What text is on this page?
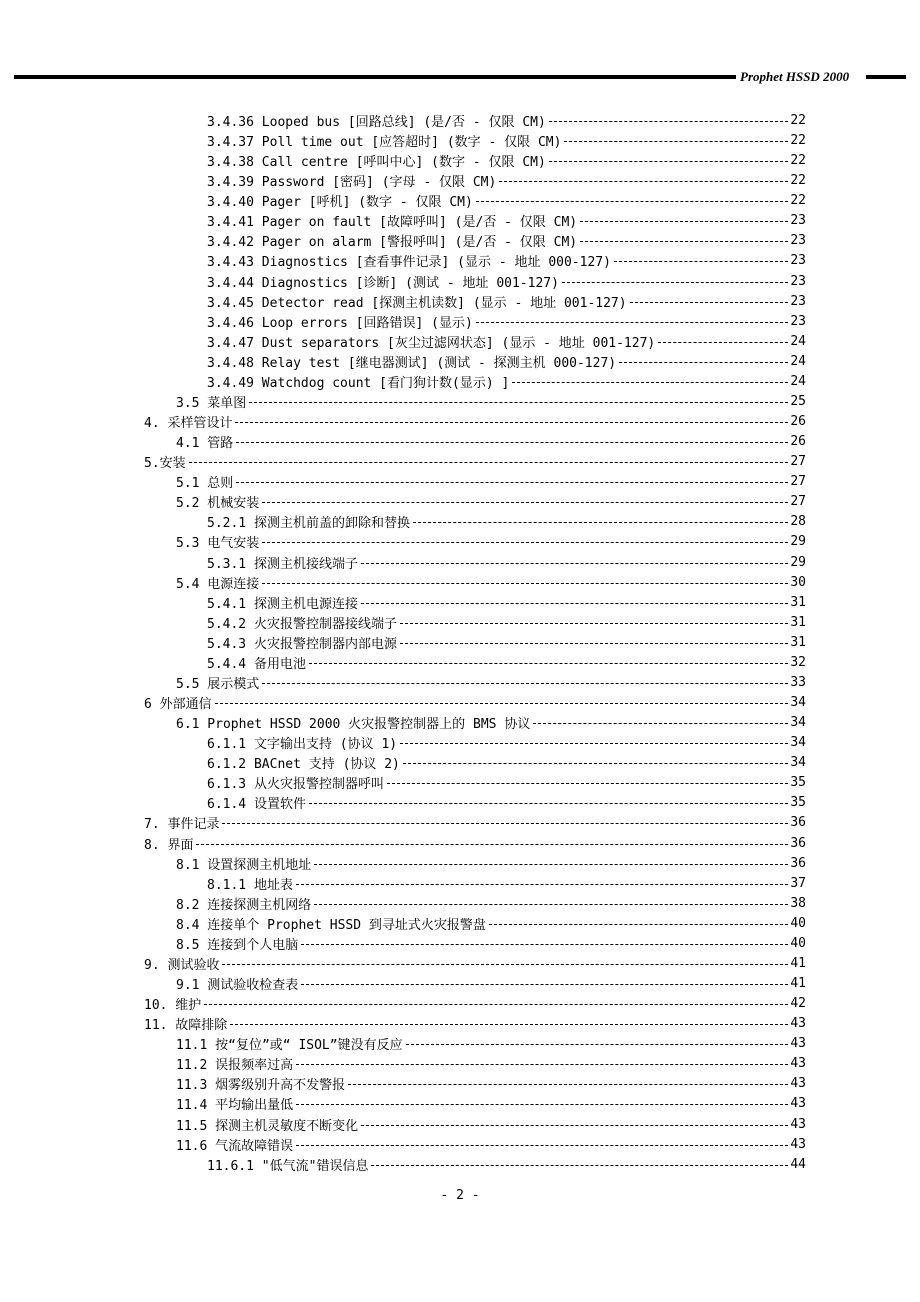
Prophet HSSD 2000
3.4.36 Looped bus [回路总线] (是/否 - 仅限 CM)	22
3.4.37 Poll time out [应答超时] (数字 - 仅限 CM)	22
3.4.38 Call centre [呼叫中心] (数字 - 仅限 CM)	22
3.4.39 Password [密码] (字母 - 仅限 CM)	22
3.4.40 Pager [呼机] (数字 - 仅限 CM)	22
3.4.41 Pager on fault [故障呼叫] (是/否 - 仅限 CM)	23
3.4.42 Pager on alarm [警报呼叫] (是/否 - 仅限 CM)	23
3.4.43 Diagnostics [查看事件记录] (显示 - 地址 000-127)	23
3.4.44 Diagnostics [诊断] (测试 - 地址 001-127)	23
3.4.45 Detector read [探测主机读数] (显示 - 地址 001-127)	23
3.4.46 Loop errors [回路错误] (显示)	23
3.4.47 Dust separators [灰尘过滤网状态] (显示 - 地址 001-127)	24
3.4.48 Relay test [继电器测试] (测试 - 探测主机 000-127)	24
3.4.49 Watchdog count [看门狗计数(显示) ]	24
3.5 菜单图	25
4. 采样管设计	26
4.1 管路	26
5.安装	27
5.1 总则	27
5.2 机械安装	27
5.2.1 探测主机前盖的卸除和替换	28
5.3 电气安装	29
5.3.1 探测主机接线端子	29
5.4 电源连接	30
5.4.1 探测主机电源连接	31
5.4.2 火灾报警控制器接线端子	31
5.4.3 火灾报警控制器内部电源	31
5.4.4 备用电池	32
5.5 展示模式	33
6 外部通信	34
6.1 Prophet HSSD 2000 火灾报警控制器上的 BMS 协议	34
6.1.1 文字输出支持 (协议 1)	34
6.1.2 BACnet 支持 (协议 2)	34
6.1.3 从火灾报警控制器呼叫	35
6.1.4 设置软件	35
7. 事件记录	36
8. 界面	36
8.1 设置探测主机地址	36
8.1.1 地址表	37
8.2 连接探测主机网络	38
8.4 连接单个 Prophet HSSD 到寻址式火灾报警盘	40
8.5 连接到个人电脑	40
9. 测试验收	41
9.1 测试验收检查表	41
10. 维护	42
11. 故障排除	43
11.1 按“复位”或“ ISOL”键没有反应	43
11.2 误报频率过高	43
11.3 烟雾级别升高不发警报	43
11.4 平均输出量低	43
11.5 探测主机灵敏度不断变化	43
11.6 气流故障错误	43
11.6.1 "低气流"错误信息	44
- 2 -
